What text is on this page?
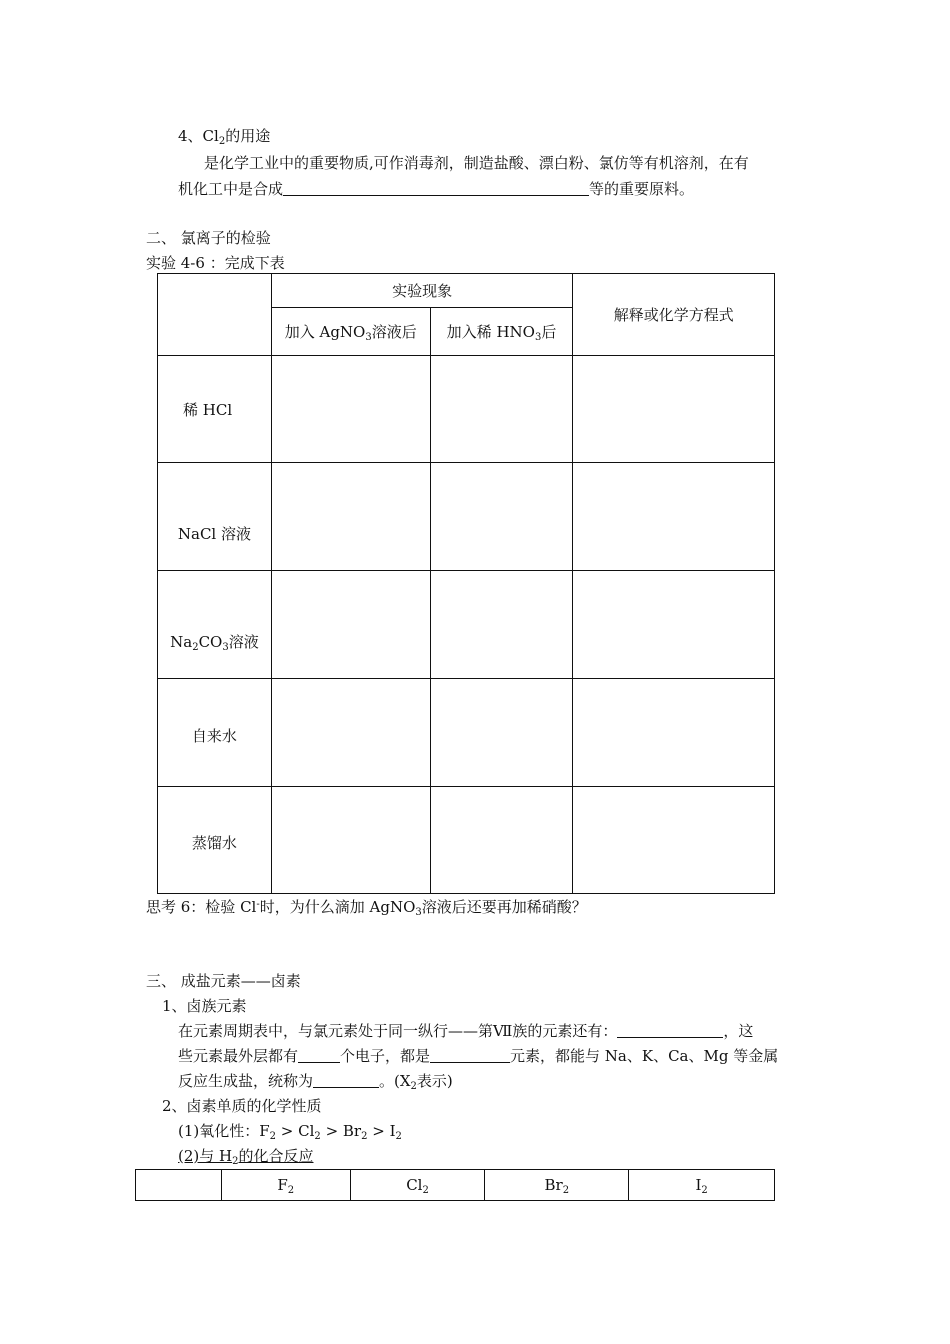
4、$Cl_2$的用途
是化学工业中的重要物质,可作消毒剂，制造盐酸、漂白粉、氯仿等有机溶剂，在有
机化工中是合成	等的重要原料。
二、 氯离子的检验
实验 4-6 ：完成下表
	实验现象		解释或化学方程式
	加入 AgNO$_3$溶液后	加入稀 $HNO_3$后	
稀 HCl			
NaCl 溶液			
$Na_2CO_3$溶液			
自来水			
蒸馏水			
思考 6：检验 Cl-时，为什么滴加 AgNO$_3$溶液后还要再加稀硝酸？
三、 成盐元素——卤素
1、卤族元素
在元素周期表中，与氯元素处于同一纵行——第Ⅶ族的元素还有：	，这
些元素最外层都有	个电子，都是	元素，都能与 Na、K、Ca、Mg 等金属
反应生成盐，统称为	。($X_2$表示)
2、卤素单质的化学性质
(1)氧化性：$F_2 > Cl_2 > Br_2 > I_2$
(2)与 $H_2$的化合反应
	$F_2$	$Cl_2$	$Br_2$	$I_2$
